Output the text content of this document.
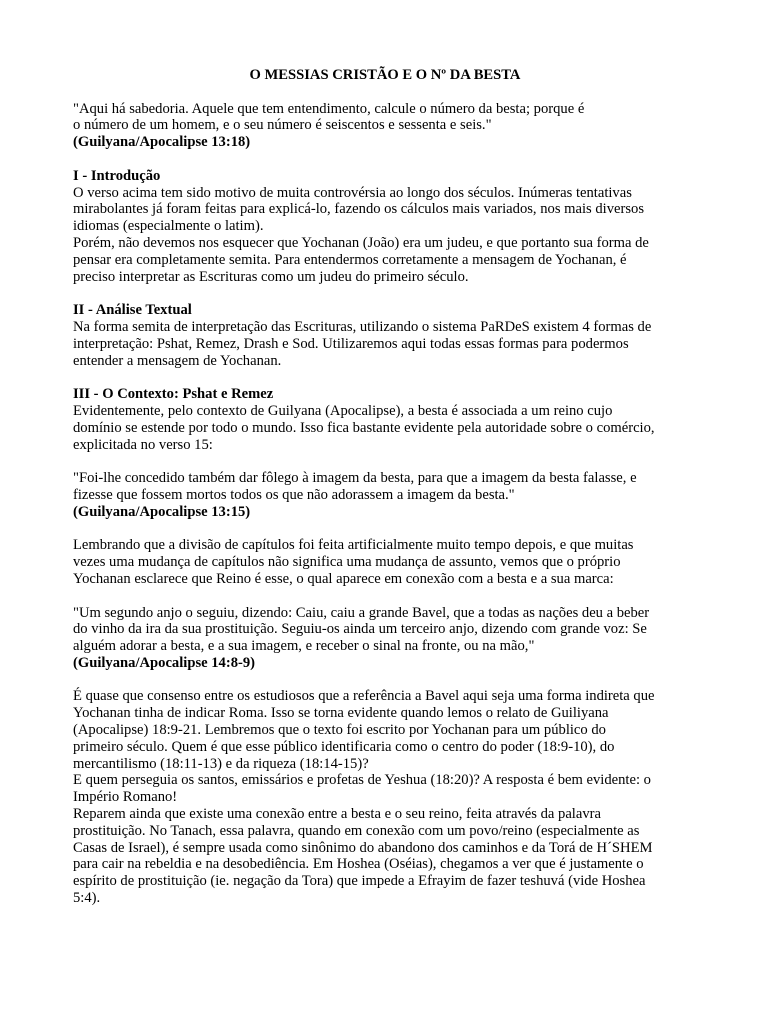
O MESSIAS CRISTÃO E O Nº DA BESTA

"Aqui há sabedoria. Aquele que tem entendimento, calcule o número da besta; porque é
o número de um homem, e o seu número é seiscentos e sessenta e seis."

(Guilyana/Apocalipse 13:18)

I - Introdução

O verso acima tem sido motivo de muita controvérsia ao longo dos séculos. Inúmeras tentativas
mirabolantes já foram feitas para explicá-lo, fazendo os cálculos mais variados, nos mais diversos
idiomas (especialmente o latim).

Porém, não devemos nos esquecer que Yochanan (João) era um judeu, e que portanto sua forma de
pensar era completamente semita. Para entendermos corretamente a mensagem de Yochanan, é
preciso interpretar as Escrituras como um judeu do primeiro século.

II - Análise Textual

Na forma semita de interpretação das Escrituras, utilizando o sistema PaRDeS existem 4 formas de
interpretação: Pshat, Remez, Drash e Sod. Utilizaremos aqui todas essas formas para podermos
entender a mensagem de Yochanan.

III - O Contexto: Pshat e Remez

Evidentemente, pelo contexto de Guilyana (Apocalipse), a besta é associada a um reino cujo
domínio se estende por todo o mundo. Isso fica bastante evidente pela autoridade sobre o comércio,
explicitada no verso 15:

"Foi-lhe concedido também dar fôlego à imagem da besta, para que a imagem da besta falasse, e
fizesse que fossem mortos todos os que não adorassem a imagem da besta."

(Guilyana/Apocalipse 13:15)

Lembrando que a divisão de capítulos foi feita artificialmente muito tempo depois, e que muitas
vezes uma mudança de capítulos não significa uma mudança de assunto, vemos que o próprio
Yochanan esclarece que Reino é esse, o qual aparece em conexão com a besta e a sua marca:

"Um segundo anjo o seguiu, dizendo: Caiu, caiu a grande Bavel, que a todas as nações deu a beber
do vinho da ira da sua prostituição. Seguiu-os ainda um terceiro anjo, dizendo com grande voz: Se
alguém adorar a besta, e a sua imagem, e receber o sinal na fronte, ou na mão,"

(Guilyana/Apocalipse 14:8-9)

É quase que consenso entre os estudiosos que a referência a Bavel aqui seja uma forma indireta que
Yochanan tinha de indicar Roma. Isso se torna evidente quando lemos o relato de Guiliyana
(Apocalipse) 18:9-21. Lembremos que o texto foi escrito por Yochanan para um público do
primeiro século. Quem é que esse público identificaria como o centro do poder (18:9-10), do
mercantilismo (18:11-13) e da riqueza (18:14-15)?

E quem perseguia os santos, emissários e profetas de Yeshua (18:20)? A resposta é bem evidente: o
Império Romano!

Reparem ainda que existe uma conexão entre a besta e o seu reino, feita através da palavra
prostituição. No Tanach, essa palavra, quando em conexão com um povo/reino (especialmente as
Casas de Israel), é sempre usada como sinônimo do abandono dos caminhos e da Torá de H´SHEM
para cair na rebeldia e na desobediência. Em Hoshea (Oséias), chegamos a ver que é justamente o
espírito de prostituição (ie. negação da Tora) que impede a Efrayim de fazer teshuvá (vide Hoshea
5:4).
